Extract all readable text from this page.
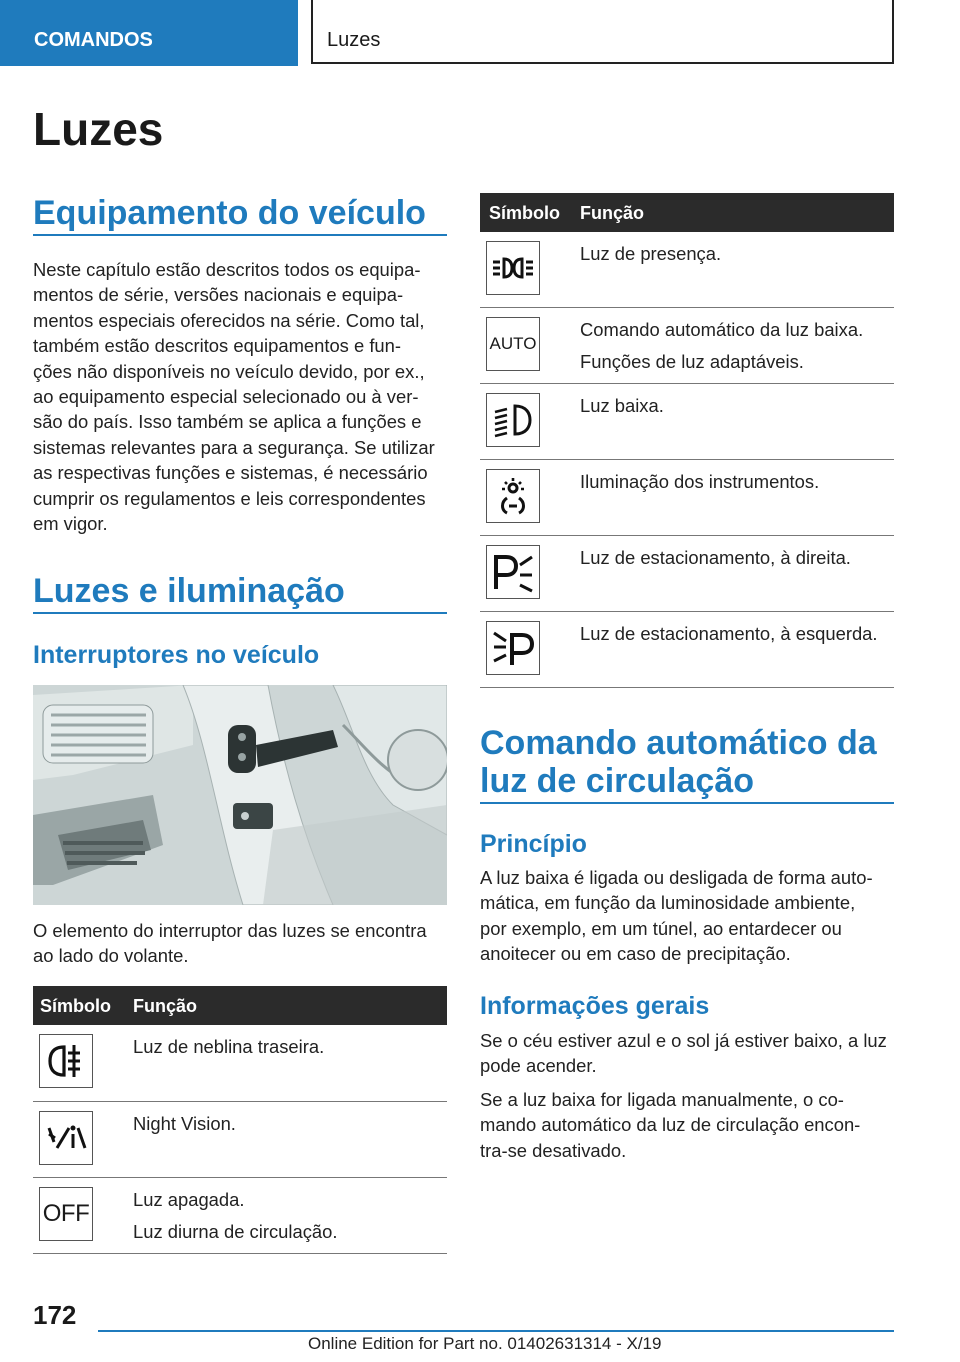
COMANDOS	Luzes
Luzes
Equipamento do veículo
Neste capítulo estão descritos todos os equipa-
mentos de série, versões nacionais e equipa-
mentos especiais oferecidos na série. Como tal,
também estão descritos equipamentos e fun-
ções não disponíveis no veículo devido, por ex.,
ao equipamento especial selecionado ou à ver-
são do país. Isso também se aplica a funções e
sistemas relevantes para a segurança. Se utilizar
as respectivas funções e sistemas, é necessário
cumprir os regulamentos e leis correspondentes
em vigor.
Luzes e iluminação
Interruptores no veículo
O elemento do interruptor das luzes se encontra
ao lado do volante.
Símbolo Função
Luz de neblina traseira.
Night Vision.
OFF
Luz apagada.
Luz diurna de circulação.
Símbolo Função
Luz de presença.
AUTO
Comando automático da luz baixa.
Funções de luz adaptáveis.
Luz baixa.
Iluminação dos instrumentos.
Luz de estacionamento, à direita.
Luz de estacionamento, à esquerda.
Comando automático da
luz de circulação
Princípio
A luz baixa é ligada ou desligada de forma auto-
mática, em função da luminosidade ambiente,
por exemplo, em um túnel, ao entardecer ou
anoitecer ou em caso de precipitação.
Informações gerais
Se o céu estiver azul e o sol já estiver baixo, a luz
pode acender.
Se a luz baixa for ligada manualmente, o co-
mando automático da luz de circulação encon-
tra-se desativado.
172
Online Edition for Part no. 01402631314 - X/19
